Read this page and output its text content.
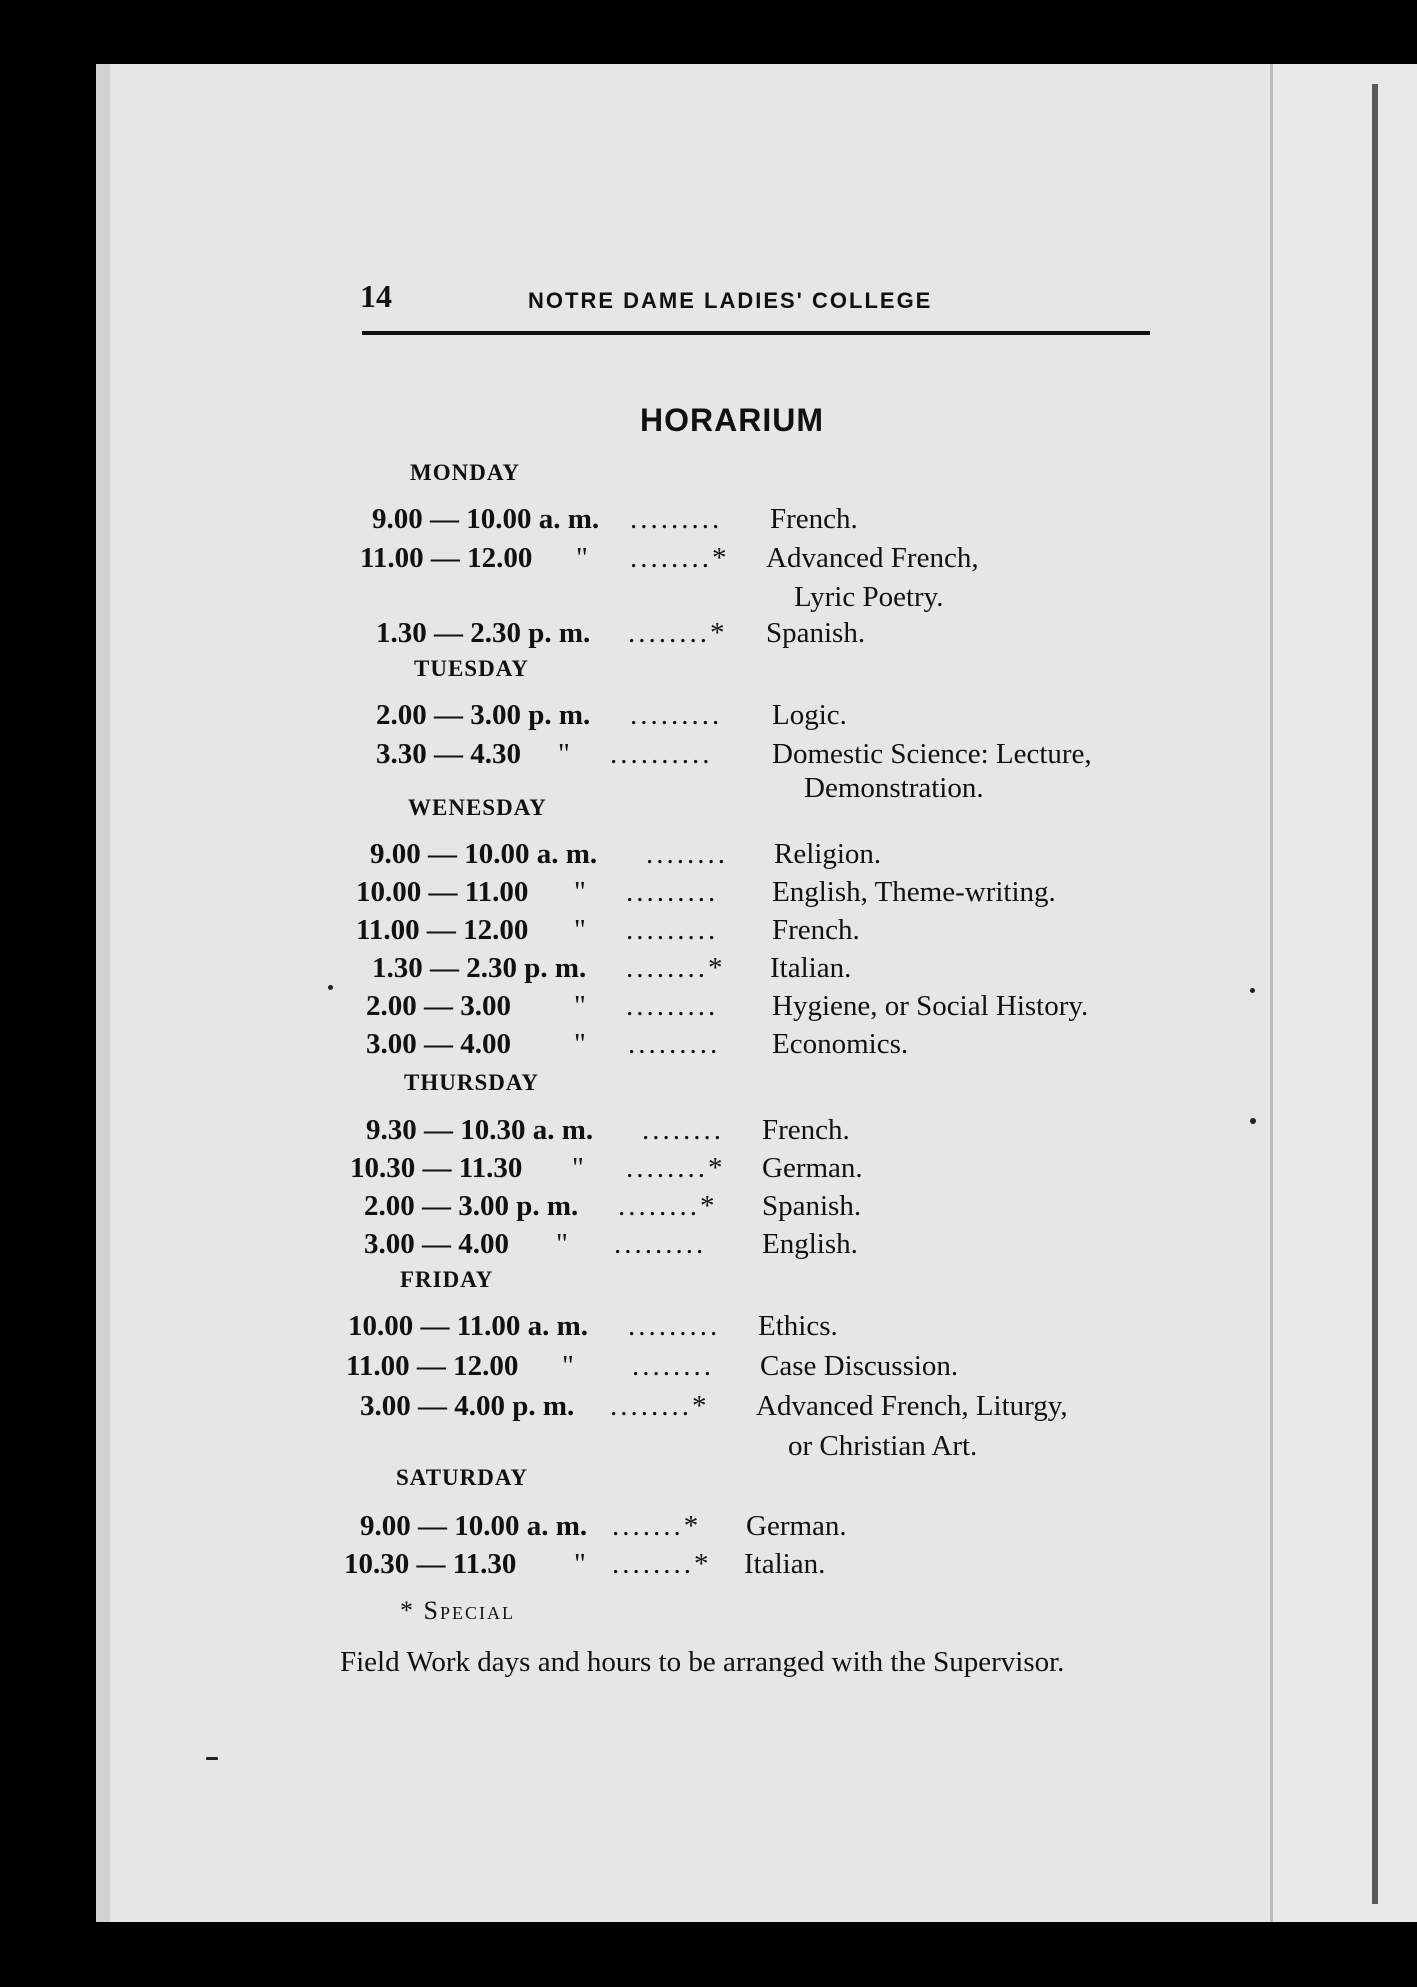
14	NOTRE DAME LADIES' COLLEGE
HORARIUM
MONDAY
TUESDAY
WENESDAY
THURSDAY
FRIDAY
SATURDAY
9.00 — 10.00 a. m. ......... French.
11.00 — 12.00 " ........* Advanced French,
Lyric Poetry.
1.30 — 2.30 p. m. ........* Spanish.
2.00 — 3.00 p. m. ......... Logic.
3.30 — 4.30 " .......... Domestic Science: Lecture,
Demonstration.
9.00 — 10.00 a. m. ........ Religion.
10.00 — 11.00 " ......... English, Theme-writing.
11.00 — 12.00 " ......... French.
1.30 — 2.30 p. m. ........* Italian.
2.00 — 3.00 " ......... Hygiene, or Social History.
3.00 — 4.00 " ......... Economics.
9.30 — 10.30 a. m. ........ French.
10.30 — 11.30 " ........* German.
2.00 — 3.00 p. m. ........* Spanish.
3.00 — 4.00 " ......... English.
10.00 — 11.00 a. m. ......... Ethics.
11.00 — 12.00 " ........ Case Discussion.
3.00 — 4.00 p. m. ........* Advanced French, Liturgy,
or Christian Art.
9.00 — 10.00 a. m. .......* German.
10.30 — 11.30 " ........* Italian.
* Special
Field Work days and hours to be arranged with the Supervisor.
